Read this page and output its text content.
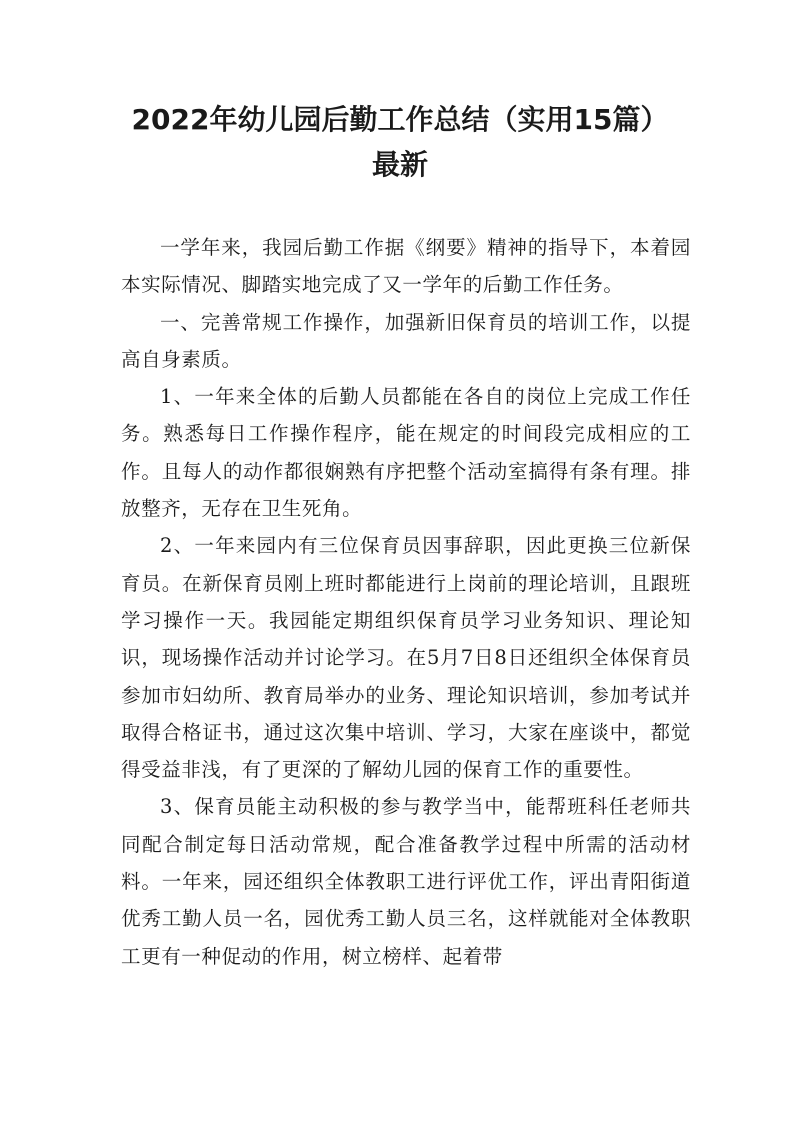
2022年幼儿园后勤工作总结（实用15篇）
最新

一学年来，我园后勤工作据《纲要》精神的指导下，本着园本实际情况、脚踏实地完成了又一学年的后勤工作任务。

一、完善常规工作操作，加强新旧保育员的培训工作，以提高自身素质。

1、一年来全体的后勤人员都能在各自的岗位上完成工作任务。熟悉每日工作操作程序，能在规定的时间段完成相应的工作。且每人的动作都很娴熟有序把整个活动室搞得有条有理。排放整齐，无存在卫生死角。

2、一年来园内有三位保育员因事辞职，因此更换三位新保育员。在新保育员刚上班时都能进行上岗前的理论培训，且跟班学习操作一天。我园能定期组织保育员学习业务知识、理论知识，现场操作活动并讨论学习。在5月7日8日还组织全体保育员参加市妇幼所、教育局举办的业务、理论知识培训，参加考试并取得合格证书，通过这次集中培训、学习，大家在座谈中，都觉得受益非浅，有了更深的了解幼儿园的保育工作的重要性。

3、保育员能主动积极的参与教学当中，能帮班科任老师共同配合制定每日活动常规，配合准备教学过程中所需的活动材料。一年来，园还组织全体教职工进行评优工作，评出青阳街道优秀工勤人员一名，园优秀工勤人员三名，这样就能对全体教职工更有一种促动的作用，树立榜样、起着带
